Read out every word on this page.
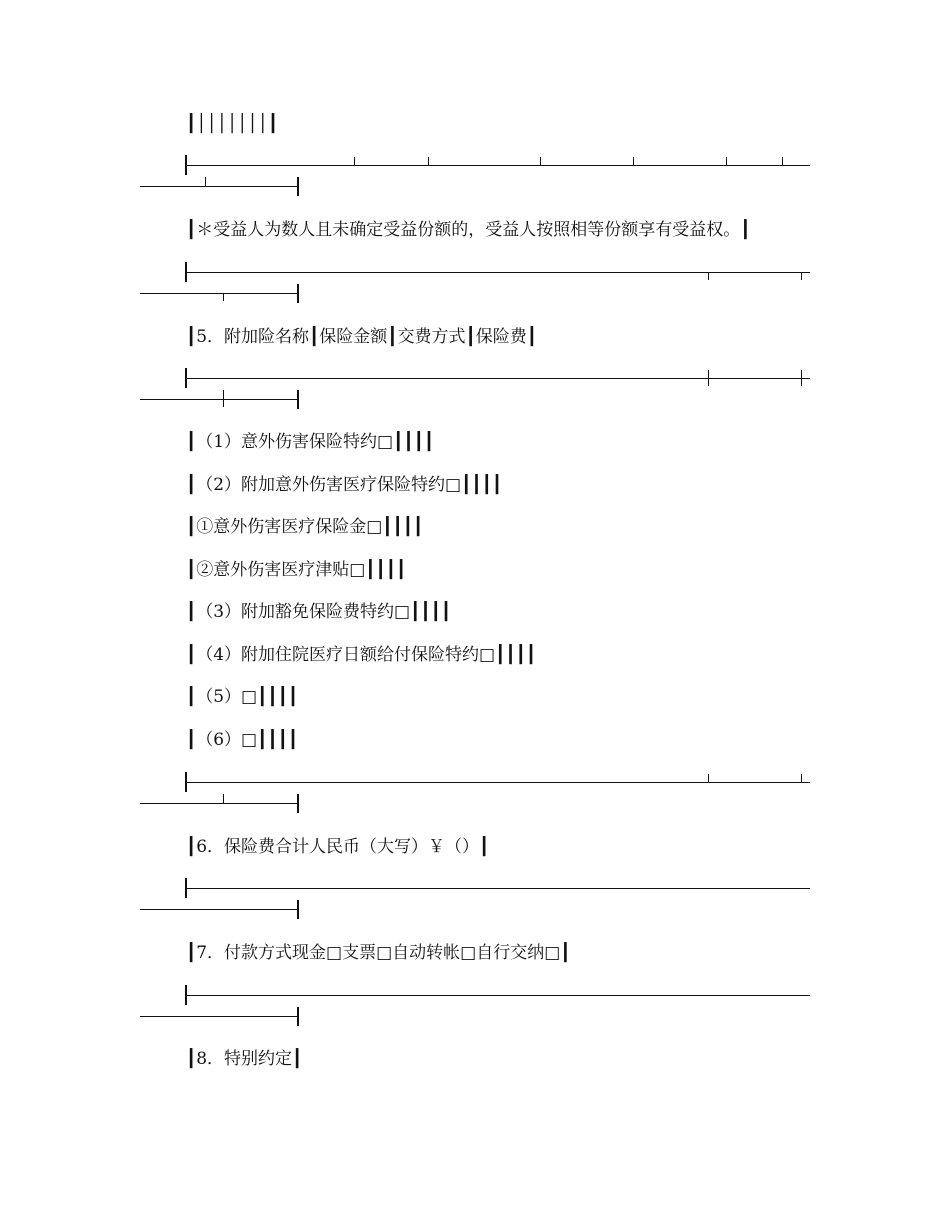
┃│││││││┃
┃＊受益人为数人且未确定受益份额的，受益人按照相等份额享有受益权。┃
┃5．附加险名称┃保险金额┃交费方式┃保险费┃
┃（1）意外伤害保险特约□┃┃┃┃
┃（2）附加意外伤害医疗保险特约□┃┃┃┃
┃①意外伤害医疗保险金□┃┃┃┃
┃②意外伤害医疗津贴□┃┃┃┃
┃（3）附加豁免保险费特约□┃┃┃┃
┃（4）附加住院医疗日额给付保险特约□┃┃┃┃
┃（5）□┃┃┃┃
┃（6）□┃┃┃┃
┃6．保险费合计人民币（大写）￥（）┃
┃7．付款方式现金□支票□自动转帐□自行交纳□┃
┃8．特别约定┃
